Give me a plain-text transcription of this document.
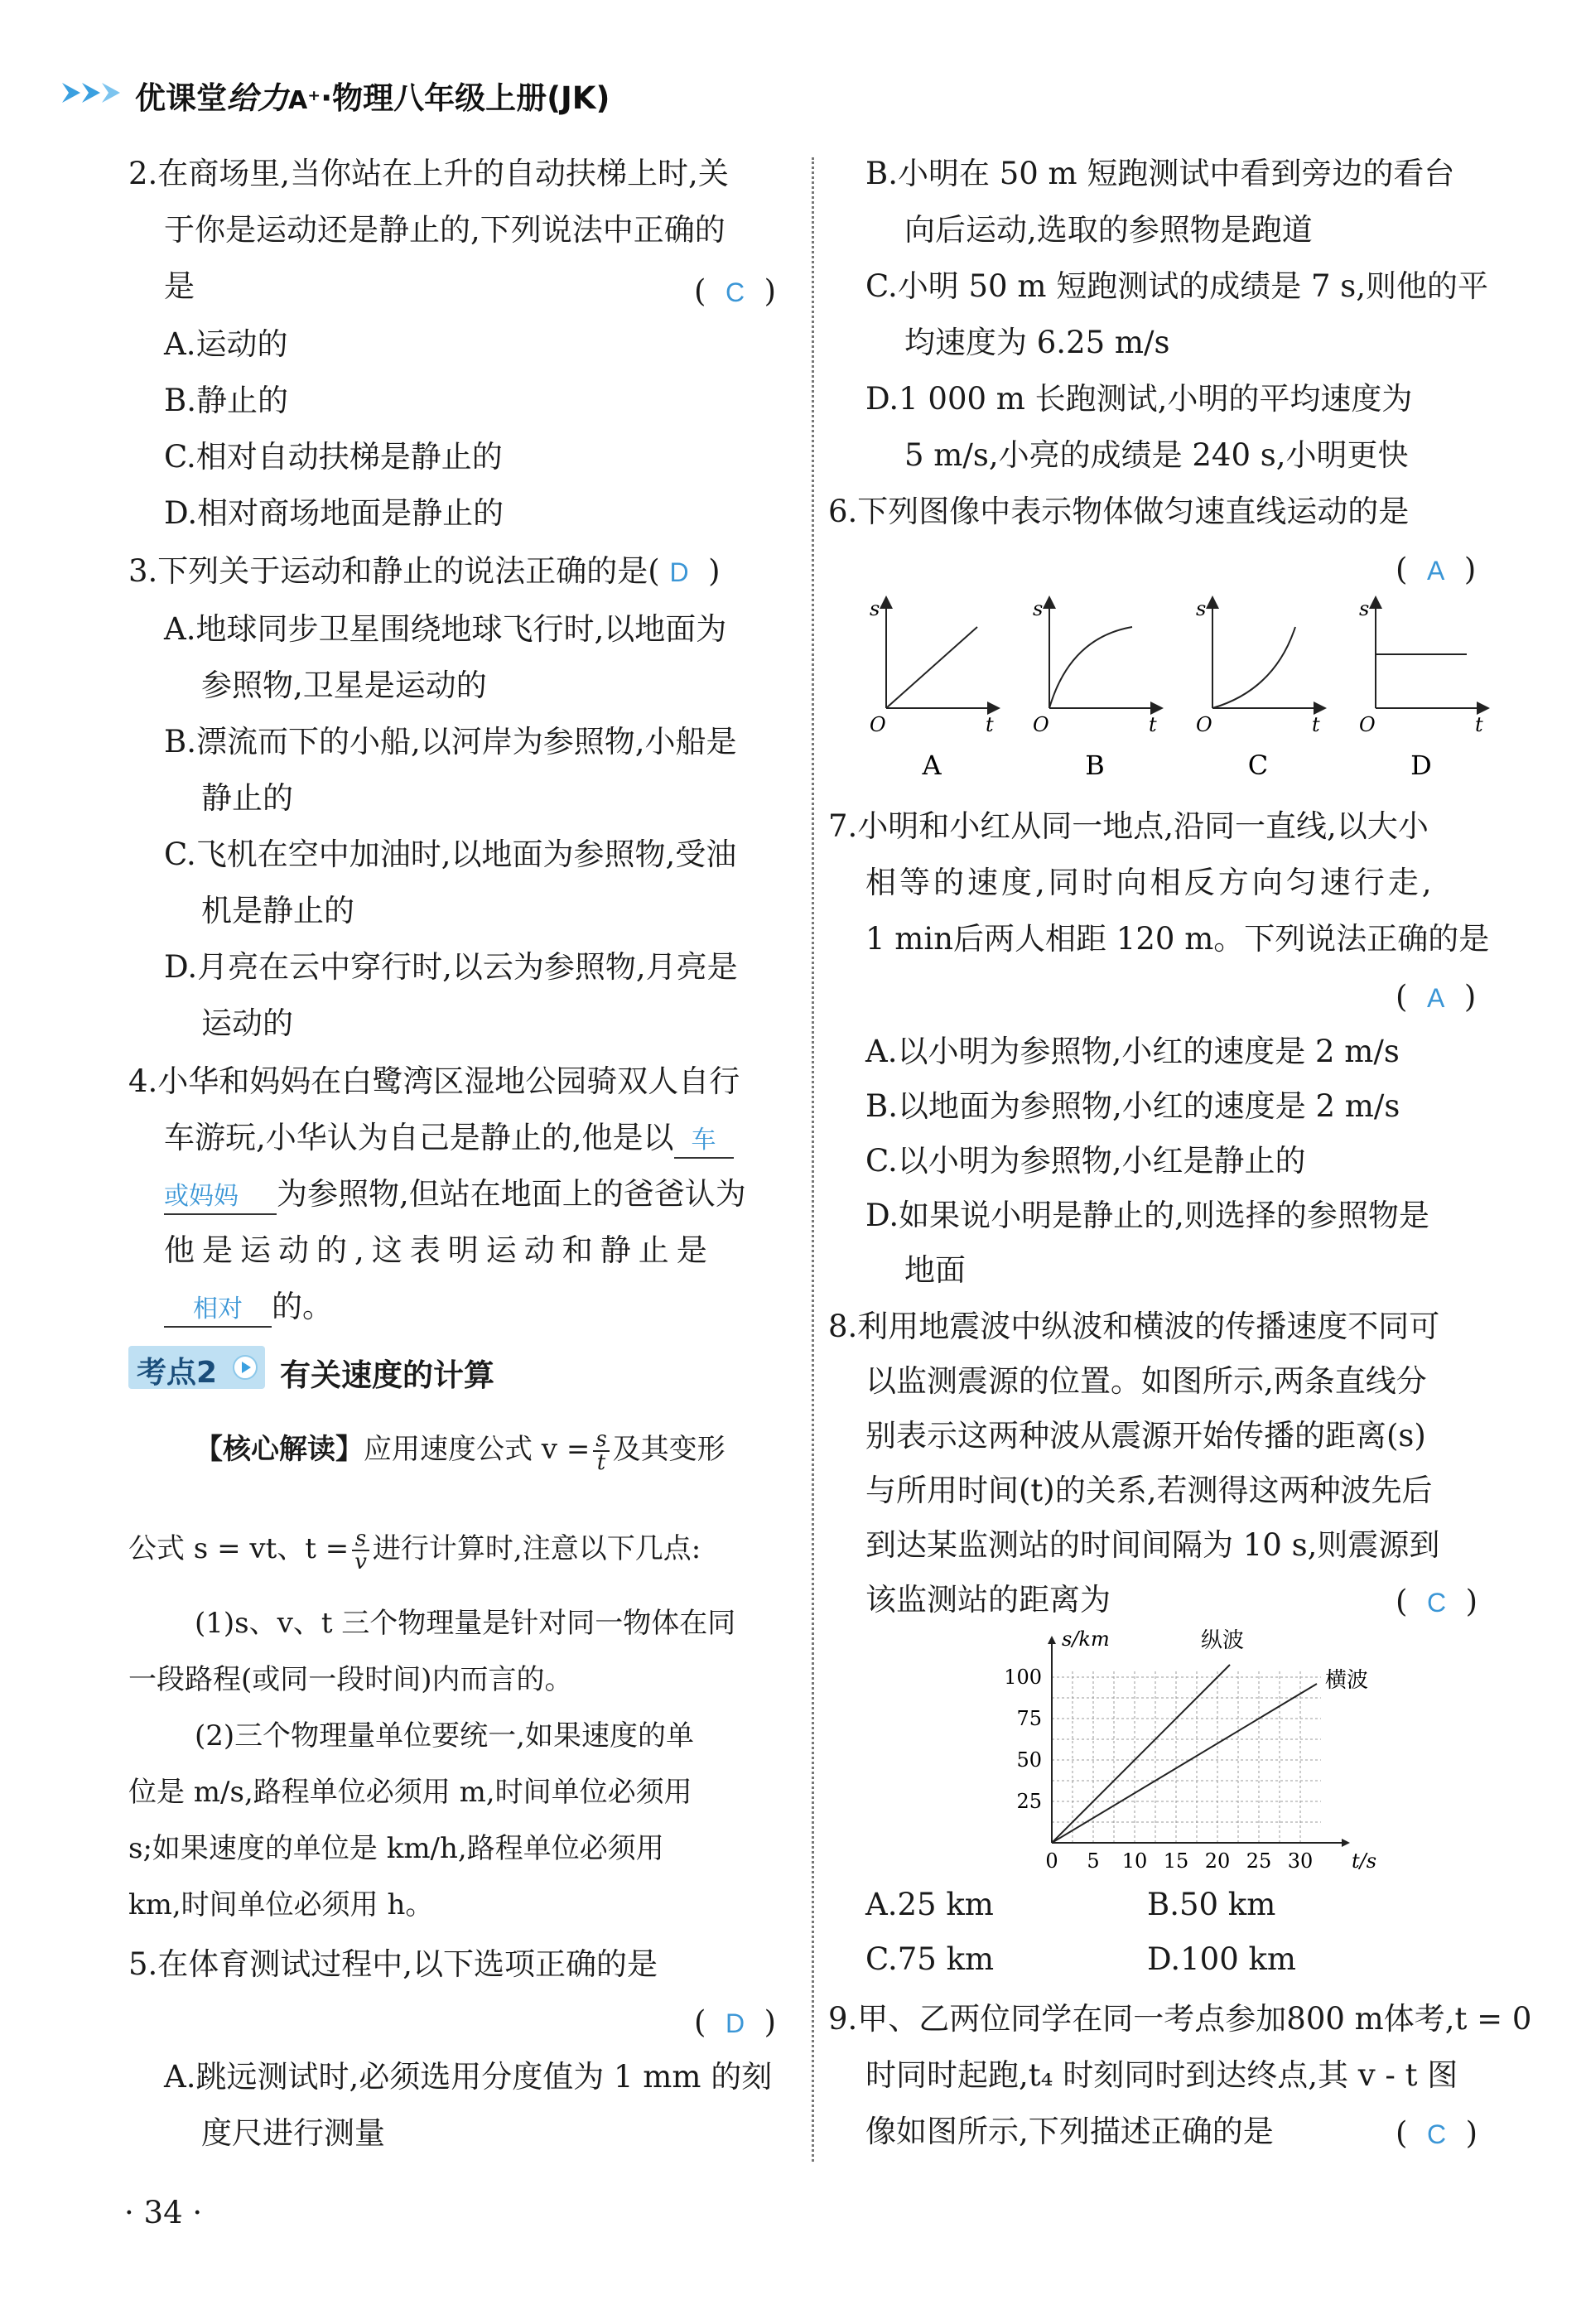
优课堂给力A⁺·物理八年级上册(JK)
2.在商场里,当你站在上升的自动扶梯上时,关
于你是运动还是静止的,下列说法中正确的
是	(  C  )
A.运动的
B.静止的
C.相对自动扶梯是静止的
D.相对商场地面是静止的
3.下列关于运动和静止的说法正确的是( D  )
A.地球同步卫星围绕地球飞行时,以地面为
参照物,卫星是运动的
B.漂流而下的小船,以河岸为参照物,小船是
静止的
C.飞机在空中加油时,以地面为参照物,受油
机是静止的
D.月亮在云中穿行时,以云为参照物,月亮是
运动的
4.小华和妈妈在白鹭湾区湿地公园骑双人自行
车游玩,小华认为自己是静止的,他是以 车
或妈妈 为参照物,但站在地面上的爸爸认为
他是运动的,这表明运动和静止是
相对 的。
考点2 有关速度的计算
【核心解读】应用速度公式 $v = \frac{s}{t}$ 及其变形
公式 s = vt、$t = \frac{s}{v}$ 进行计算时,注意以下几点:
(1)s、v、t 三个物理量是针对同一物体在同
一段路程(或同一段时间)内而言的。
(2)三个物理量单位要统一,如果速度的单
位是 m/s,路程单位必须用 m,时间单位必须用
s;如果速度的单位是 km/h,路程单位必须用
km,时间单位必须用 h。
5.在体育测试过程中,以下选项正确的是
(  D  )
A.跳远测试时,必须选用分度值为 1 mm 的刻
度尺进行测量
B.小明在 50 m 短跑测试中看到旁边的看台
向后运动,选取的参照物是跑道
C.小明 50 m 短跑测试的成绩是 7 s,则他的平
均速度为 6.25 m/s
D.1 000 m 长跑测试,小明的平均速度为
5 m/s,小亮的成绩是 240 s,小明更快
6.下列图像中表示物体做匀速直线运动的是
(  A  )
s
O	t
A
s
O	t
B
s
O	t
C
s
O	t
D
7.小明和小红从同一地点,沿同一直线,以大小
相等的速度,同时向相反方向匀速行走,
1 min后两人相距 120 m。下列说法正确的是
(  A  )
A.以小明为参照物,小红的速度是 2 m/s
B.以地面为参照物,小红的速度是 2 m/s
C.以小明为参照物,小红是静止的
D.如果说小明是静止的,则选择的参照物是
地面
8.利用地震波中纵波和横波的传播速度不同可
以监测震源的位置。如图所示,两条直线分
别表示这两种波从震源开始传播的距离(s)
与所用时间(t)的关系,若测得这两种波先后
到达某监测站的时间间隔为 10 s,则震源到
该监测站的距离为	(  C  )
0 5 10 15 20 25 30
25
50
75
100
t/s
s/km	纵波
横波
A.25 km	B.50 km
C.75 km	D.100 km
9.甲、乙两位同学在同一考点参加800 m体考,t = 0
时同时起跑,t₄ 时刻同时到达终点,其 v - t 图
像如图所示,下列描述正确的是	(  C  )
· 34 ·
